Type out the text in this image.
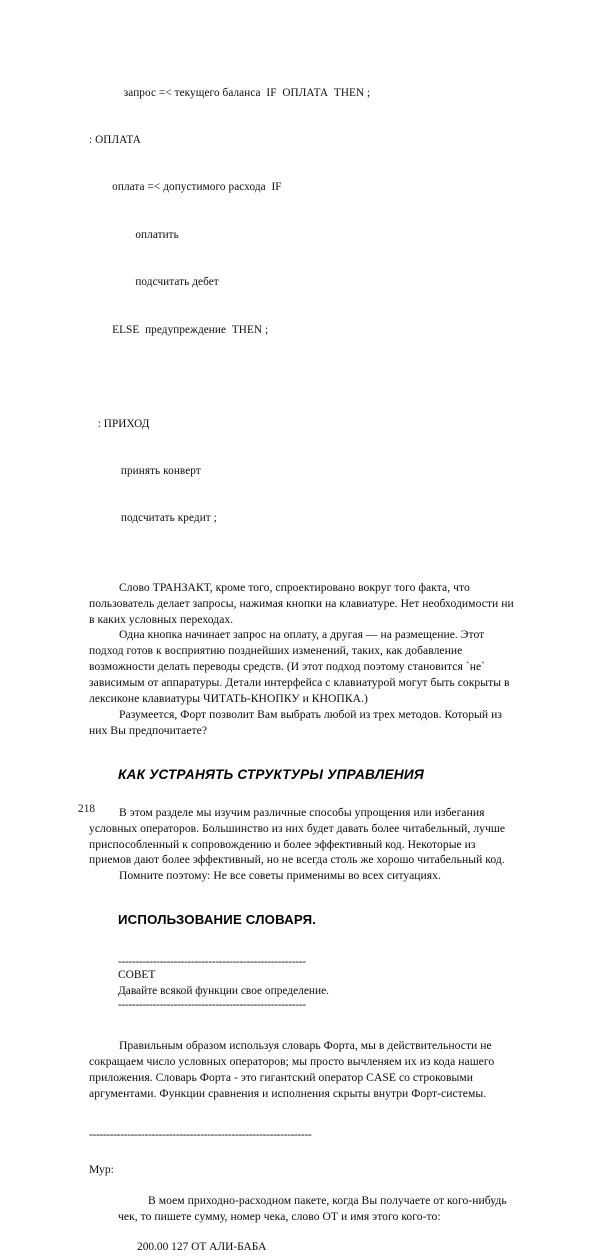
запрос =< текущего баланса  IF  ОПЛАТА  THEN ;

: ОПЛАТА

оплата =< допустимого расхода  IF

оплатить

подсчитать дебет

ELSE  предупреждение  THEN ;

: ПРИХОД

принять конверт

подсчитать кредит ;

Слово ТРАНЗАКТ, кроме того, спроектировано вокруг того факта, что пользователь делает запросы, нажимая кнопки на клавиатуре. Нет необходимости ни в каких условных переходах.

Одна кнопка начинает запрос на оплату, а другая — на размещение. Этот подход готов к восприятию позднейших изменений, таких, как добавление возможности делать переводы средств. (И этот подход поэтому становится `не` зависимым от аппаратуры. Детали интерфейса с клавиатурой могут быть сокрыты в лексиконе клавиатуры ЧИТАТЬ-КНОПКУ и КНОПКА.)

Разумеется, Форт позволит Вам выбрать любой из трех методов. Который из них Вы предпочитаете?

КАК УСТРАНЯТЬ СТРУКТУРЫ УПРАВЛЕНИЯ

В этом разделе мы изучим различные способы упрощения или избегания условных операторов. Большинство из них будет давать более читабельный, лучше приспособленный к сопровождению и более эффективный код. Некоторые из приемов дают более эффективный, но не всегда столь же хорошо читабельный код.

Помните поэтому: Не все советы применимы во всех ситуациях.

ИСПОЛЬЗОВАНИЕ СЛОВАРЯ.
------------------------------------------------------
СОВЕТ
Давайте всякой функции свое определение.
------------------------------------------------------

Правильным образом используя словарь Форта, мы в действительности не сокращаем число условных операторов; мы просто вычленяем их из кода нашего приложения. Словарь Форта - это гигантский оператор CASE со строковыми аргументами. Функции сравнения и исполнения скрыты внутри Форт-системы.

----------------------------------------------------------------

Мур:

В моем приходно-расходном пакете, когда Вы получаете от кого-нибудь чек, то пишете сумму, номер чека, слово ОТ и имя этого кого-то:

200.00 127 ОТ АЛИ-БАБА
218
